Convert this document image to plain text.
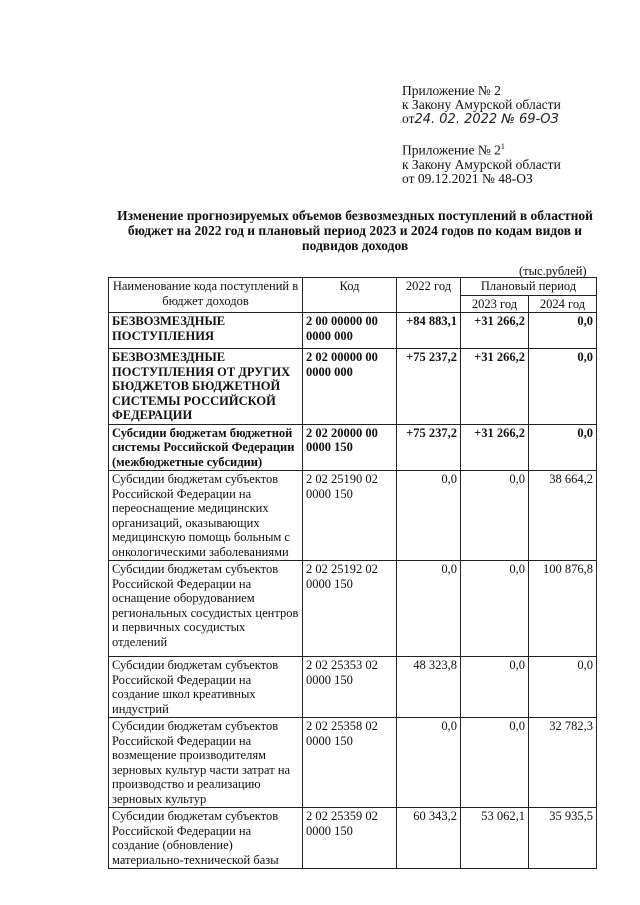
Приложение № 2
к Закону Амурской области
от24. 02. 2022 № 69-ОЗ
Приложение № $2^1$
к Закону Амурской области
от 09.12.2021 № 48-ОЗ
Изменение прогнозируемых объемов безвозмездных поступлений в областной бюджет на 2022 год и плановый период 2023 и 2024 годов по кодам видов и подвидов доходов
(тыс.рублей)
Наименование кода поступлений в бюджет доходов	Код	2022 год	Плановый период	
			2023 год	2024 год
БЕЗВОЗМЕЗДНЫЕ ПОСТУПЛЕНИЯ	2 00 00000 00 0000 000	+84 883,1	+31 266,2	0,0
БЕЗВОЗМЕЗДНЫЕ ПОСТУПЛЕНИЯ ОТ ДРУГИХ БЮДЖЕТОВ БЮДЖЕТНОЙ СИСТЕМЫ РОССИЙСКОЙ ФЕДЕРАЦИИ	2 02 00000 00 0000 000	+75 237,2	+31 266,2	0,0
Субсидии бюджетам бюджетной системы Российской Федерации (межбюджетные субсидии)	2 02 20000 00 0000 150	+75 237,2	+31 266,2	0,0
Субсидии бюджетам субъектов Российской Федерации на переоснащение медицинских организаций, оказывающих медицинскую помощь больным с онкологическими заболеваниями	2 02 25190 02 0000 150	0,0	0,0	38 664,2
Субсидии бюджетам субъектов Российской Федерации на оснащение оборудованием региональных сосудистых центров и первичных сосудистых отделений	2 02 25192 02 0000 150	0,0	0,0	100 876,8
Субсидии бюджетам субъектов Российской Федерации на создание школ креативных индустрий	2 02 25353 02 0000 150	48 323,8	0,0	0,0
Субсидии бюджетам субъектов Российской Федерации на возмещение производителям зерновых культур части затрат на производство и реализацию зерновых культур	2 02 25358 02 0000 150	0,0	0,0	32 782,3
Субсидии бюджетам субъектов Российской Федерации на создание (обновление) материально-технической базы	2 02 25359 02 0000 150	60 343,2	53 062,1	35 935,5
